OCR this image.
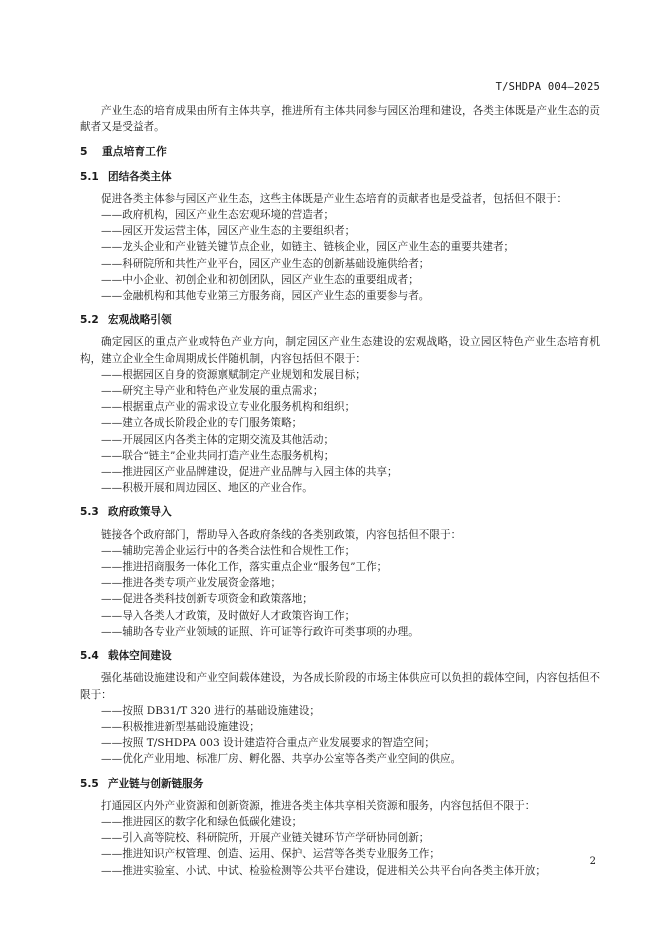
T/SHDPA 004—2025

产业生态的培育成果由所有主体共享，推进所有主体共同参与园区治理和建设，各类主体既是产业生态的贡献者又是受益者。

5 重点培育工作
5.1 团结各类主体

促进各类主体参与园区产业生态，这些主体既是产业生态培育的贡献者也是受益者，包括但不限于：

——政府机构，园区产业生态宏观环境的营造者；

——园区开发运营主体，园区产业生态的主要组织者；

——龙头企业和产业链关键节点企业，如链主、链核企业，园区产业生态的重要共建者；

——科研院所和共性产业平台，园区产业生态的创新基础设施供给者；

——中小企业、初创企业和初创团队，园区产业生态的重要组成者；

——金融机构和其他专业第三方服务商，园区产业生态的重要参与者。

5.2 宏观战略引领

确定园区的重点产业或特色产业方向，制定园区产业生态建设的宏观战略，设立园区特色产业生态培育机构，建立企业全生命周期成长伴随机制，内容包括但不限于：

——根据园区自身的资源禀赋制定产业规划和发展目标；

——研究主导产业和特色产业发展的重点需求；

——根据重点产业的需求设立专业化服务机构和组织；

——建立各成长阶段企业的专门服务策略；

——开展园区内各类主体的定期交流及其他活动；

——联合“链主”企业共同打造产业生态服务机构；

——推进园区产业品牌建设，促进产业品牌与入园主体的共享；

——积极开展和周边园区、地区的产业合作。

5.3 政府政策导入

链接各个政府部门，帮助导入各政府条线的各类别政策，内容包括但不限于：

——辅助完善企业运行中的各类合法性和合规性工作；

——推进招商服务一体化工作，落实重点企业“服务包”工作；

——推进各类专项产业发展资金落地；

——促进各类科技创新专项资金和政策落地；

——导入各类人才政策，及时做好人才政策咨询工作；

——辅助各专业产业领域的证照、许可证等行政许可类事项的办理。

5.4 载体空间建设

强化基础设施建设和产业空间载体建设，为各成长阶段的市场主体供应可以负担的载体空间，内容包括但不限于：

——按照 DB31/T 320 进行的基础设施建设；

——积极推进新型基础设施建设；

——按照 T/SHDPA 003 设计建造符合重点产业发展要求的智造空间；

——优化产业用地、标准厂房、孵化器、共享办公室等各类产业空间的供应。

5.5 产业链与创新链服务

打通园区内外产业资源和创新资源，推进各类主体共享相关资源和服务，内容包括但不限于：

——推进园区的数字化和绿色低碳化建设；

——引入高等院校、科研院所，开展产业链关键环节产学研协同创新；

——推进知识产权管理、创造、运用、保护、运营等各类专业服务工作；

——推进实验室、小试、中试、检验检测等公共平台建设，促进相关公共平台向各类主体开放；

2
